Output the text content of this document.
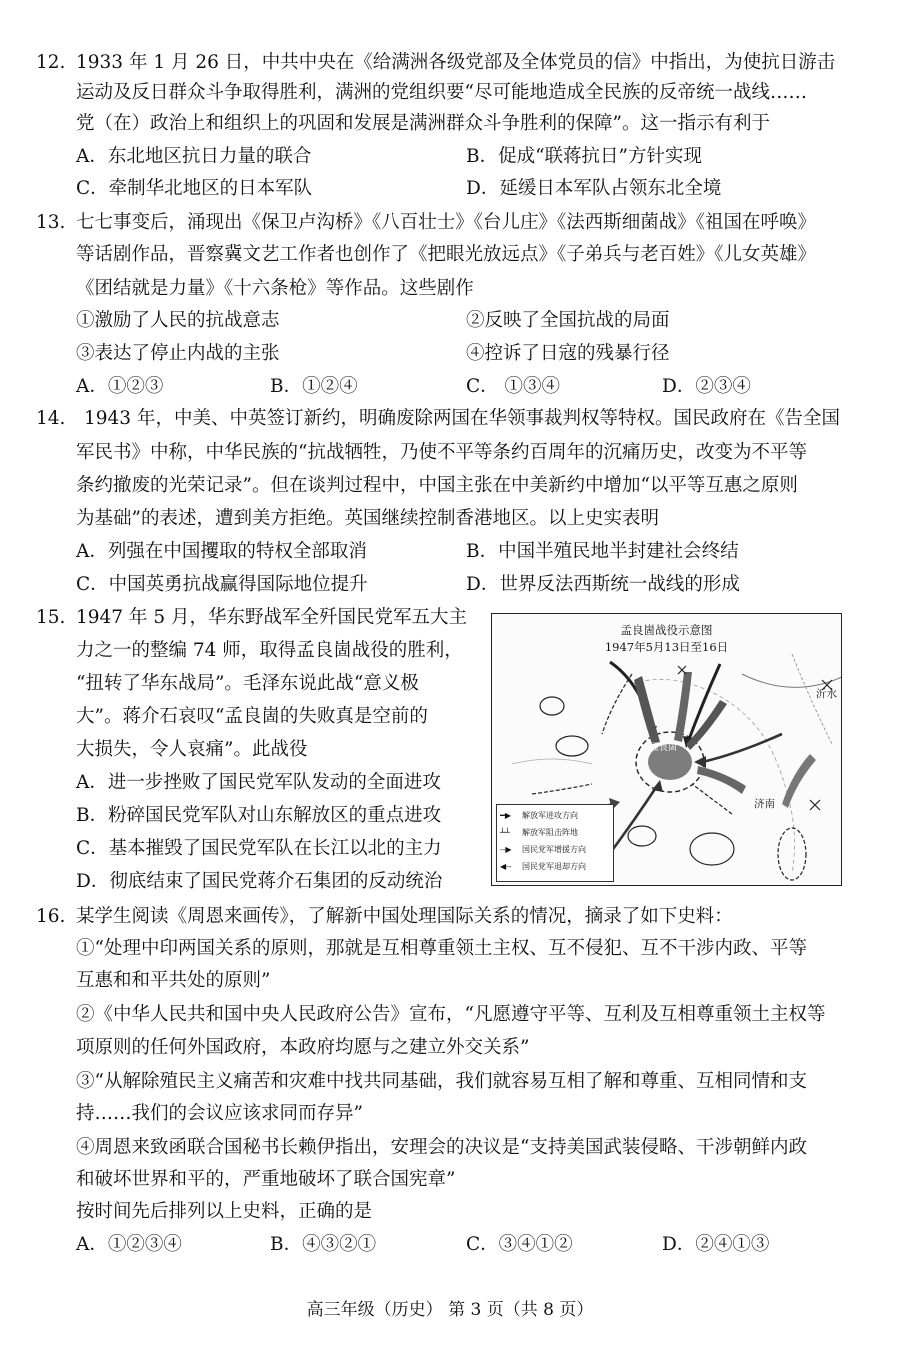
12. 1933 年 1 月 26 日，中共中央在《给满洲各级党部及全体党员的信》中指出，为使抗日游击
运动及反日群众斗争取得胜利，满洲的党组织要“尽可能地造成全民族的反帝统一战线……
党（在）政治上和组织上的巩固和发展是满洲群众斗争胜利的保障”。这一指示有利于
A．东北地区抗日力量的联合	B．促成“联蒋抗日”方针实现
C．牵制华北地区的日本军队	D．延缓日本军队占领东北全境
13. 七七事变后，涌现出《保卫卢沟桥》《八百壮士》《台儿庄》《法西斯细菌战》《祖国在呼唤》
等话剧作品，晋察冀文艺工作者也创作了《把眼光放远点》《子弟兵与老百姓》《儿女英雄》
《团结就是力量》《十六条枪》等作品。这些剧作
①激励了人民的抗战意志	②反映了全国抗战的局面
③表达了停止内战的主张	④控诉了日寇的残暴行径
A．①②③	B．①②④	C． ①③④	D．②③④
14. 1943 年，中美、中英签订新约，明确废除两国在华领事裁判权等特权。国民政府在《告全国
军民书》中称，中华民族的“抗战牺牲，乃使不平等条约百周年的沉痛历史，改变为不平等
条约撤废的光荣记录”。但在谈判过程中，中国主张在中美新约中增加“以平等互惠之原则
为基础”的表述，遭到美方拒绝。英国继续控制香港地区。以上史实表明
A．列强在中国攫取的特权全部取消	B．中国半殖民地半封建社会终结
C．中国英勇抗战赢得国际地位提升	D．世界反法西斯统一战线的形成
15. 1947 年 5 月，华东野战军全歼国民党军五大主
力之一的整编 74 师，取得孟良崮战役的胜利，
“扭转了华东战局”。毛泽东说此战“意义极
大”。蒋介石哀叹“孟良崮的失败真是空前的
大损失，令人哀痛”。此战役
A．进一步挫败了国民党军队发动的全面进攻
B．粉碎国民党军队对山东解放区的重点进攻
C．基本摧毁了国民党军队在长江以北的主力
D．彻底结束了国民党蒋介石集团的反动统治
孟良崮战役示意图
1947年5月13日至16日
沂水
济南
孟良崮
━▶ 解放军进攻方向
┴┴ 解放军阻击阵地
--▶ 国民党军增援方向
◀-- 国民党军退却方向
16. 某学生阅读《周恩来画传》，了解新中国处理国际关系的情况，摘录了如下史料：
①“处理中印两国关系的原则，那就是互相尊重领土主权、互不侵犯、互不干涉内政、平等
互惠和和平共处的原则”
②《中华人民共和国中央人民政府公告》宣布，“凡愿遵守平等、互利及互相尊重领土主权等
项原则的任何外国政府，本政府均愿与之建立外交关系”
③“从解除殖民主义痛苦和灾难中找共同基础，我们就容易互相了解和尊重、互相同情和支
持……我们的会议应该求同而存异”
④周恩来致函联合国秘书长赖伊指出，安理会的决议是“支持美国武装侵略、干涉朝鲜内政
和破坏世界和平的，严重地破坏了联合国宪章”
按时间先后排列以上史料，正确的是
A．①②③④	B．④③②①	C．③④①②	D．②④①③
高三年级（历史） 第 3 页（共 8 页）
